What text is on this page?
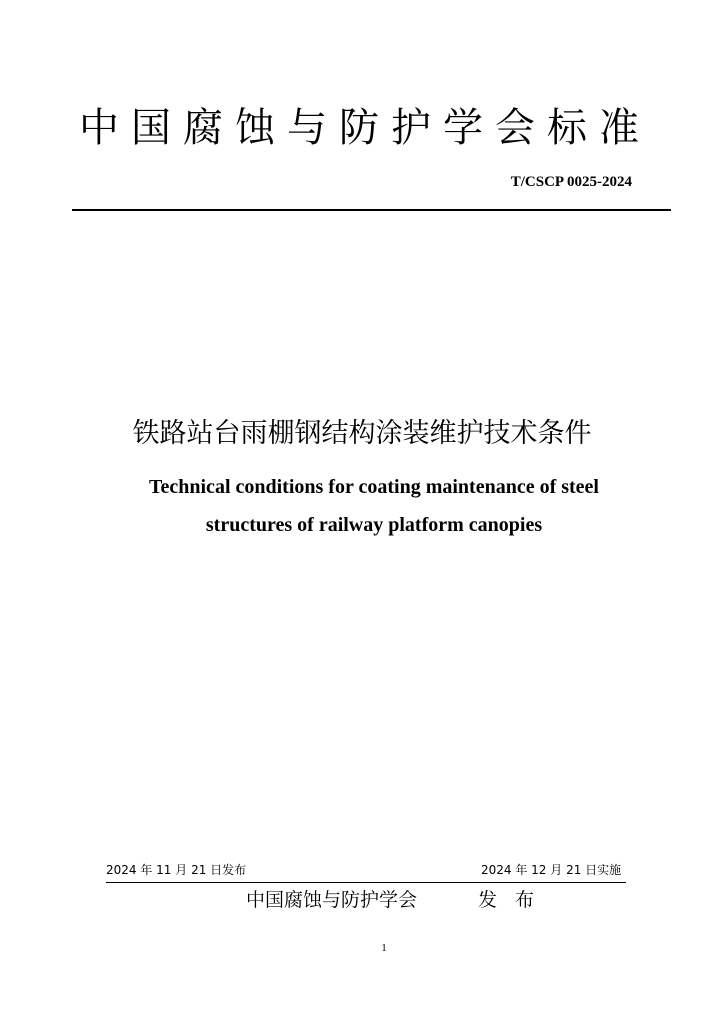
中国腐蚀与防护学会标准
T/CSCP 0025-2024
铁路站台雨棚钢结构涂装维护技术条件
Technical conditions for coating maintenance of steel
structures of railway platform canopies
2024 年 11 月 21 日发布	2024 年 12 月 21 日实施
中国腐蚀与防护学会	发 布
1
